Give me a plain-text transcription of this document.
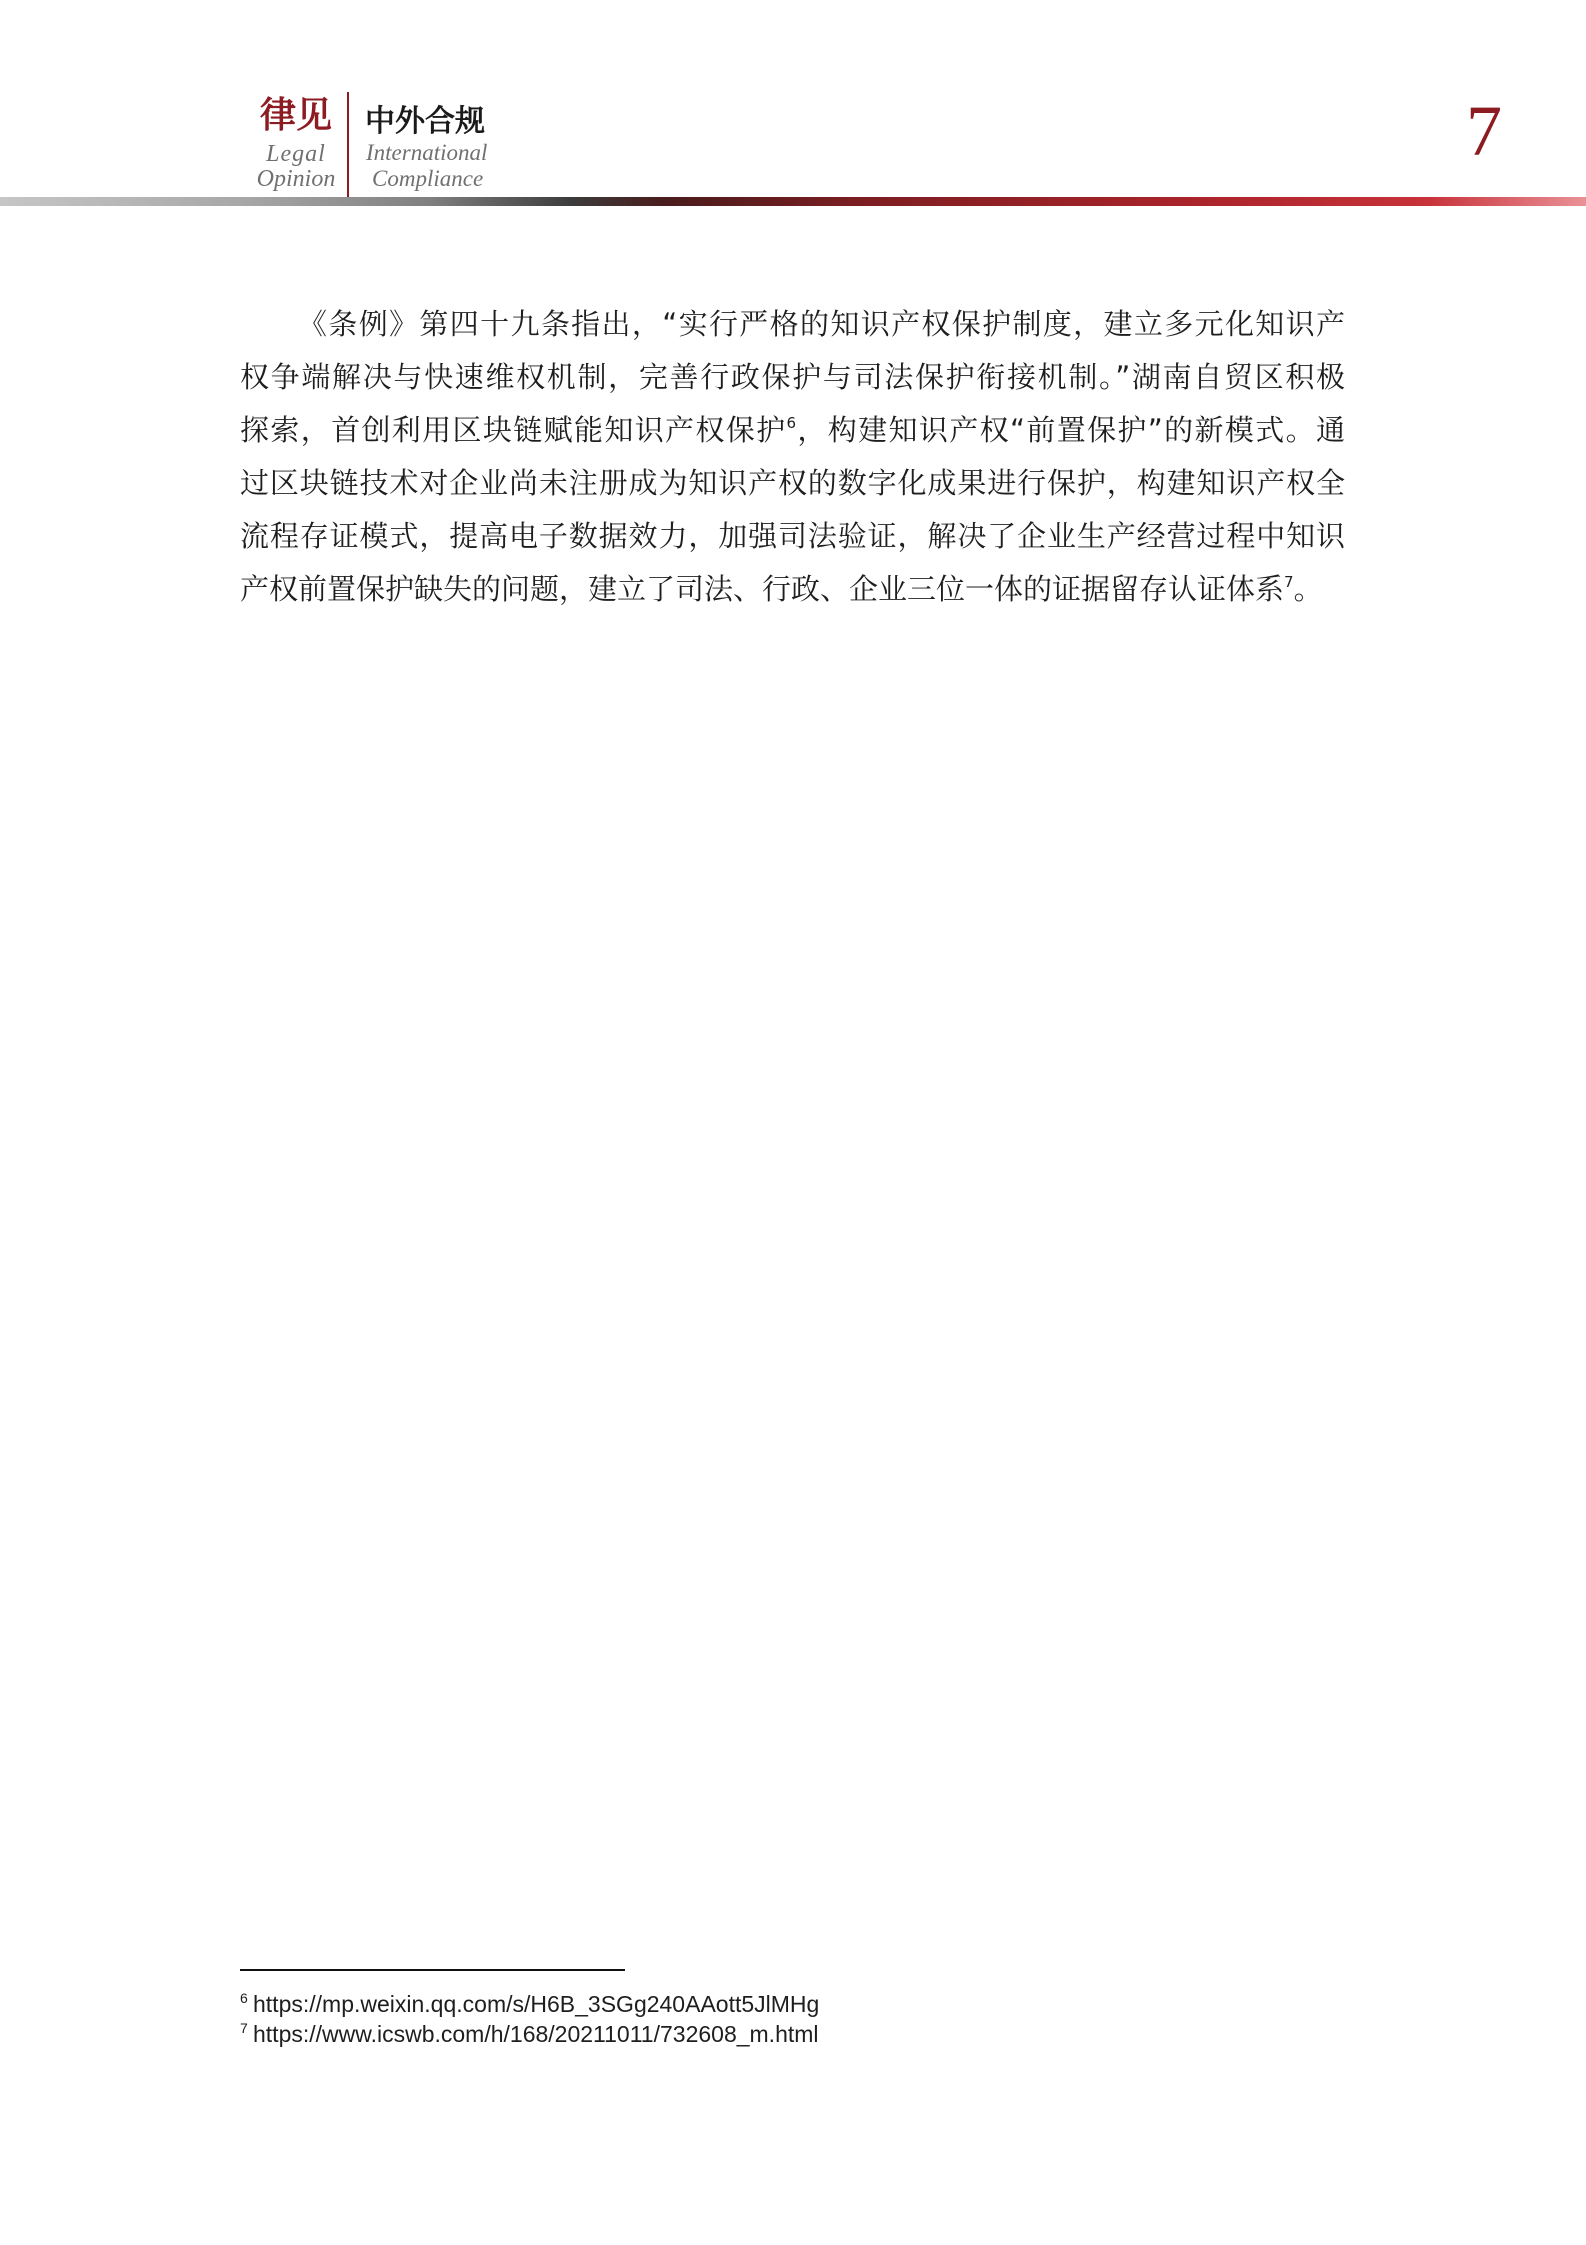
律见
Legal
Opinion
中外合规
International
Compliance
7
《条例》第四十九条指出，“实行严格的知识产权保护制度，建立多元化知识产
权争端解决与快速维权机制，完善行政保护与司法保护衔接机制。”湖南自贸区积极
探索，首创利用区块链赋能知识产权保护$^6$，构建知识产权“前置保护”的新模式。通
过区块链技术对企业尚未注册成为知识产权的数字化成果进行保护，构建知识产权全
流程存证模式，提高电子数据效力，加强司法验证，解决了企业生产经营过程中知识
产权前置保护缺失的问题，建立了司法、行政、企业三位一体的证据留存认证体系$^7$。
$^6$ https://mp.weixin.qq.com/s/H6B_3SGg240AAott5JlMHg
$^7$ https://www.icswb.com/h/168/20211011/732608_m.html
